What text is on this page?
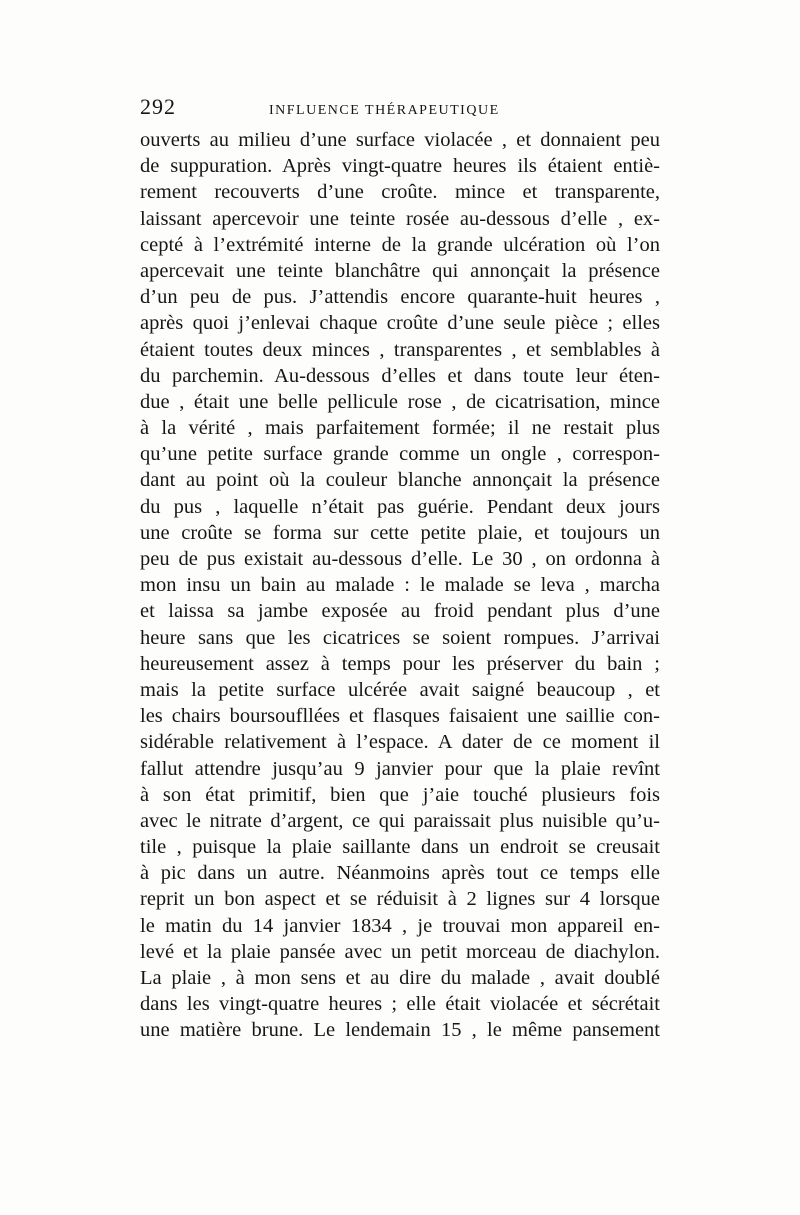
292	INFLUENCE THÉRAPEUTIQUE
ouverts au milieu d’une surface violacée , et donnaient peu
de suppuration. Après vingt-quatre heures ils étaient entiè-
rement recouverts d’une croûte. mince et transparente,
laissant apercevoir une teinte rosée au-dessous d’elle , ex-
cepté à l’extrémité interne de la grande ulcération où l’on
apercevait une teinte blanchâtre qui annonçait la présence
d’un peu de pus. J’attendis encore quarante-huit heures ,
après quoi j’enlevai chaque croûte d’une seule pièce ; elles
étaient toutes deux minces , transparentes , et semblables à
du parchemin. Au-dessous d’elles et dans toute leur éten-
due , était une belle pellicule rose , de cicatrisation, mince
à la vérité , mais parfaitement formée; il ne restait plus
qu’une petite surface grande comme un ongle , correspon-
dant au point où la couleur blanche annonçait la présence
du pus , laquelle n’était pas guérie. Pendant deux jours
une croûte se forma sur cette petite plaie, et toujours un
peu de pus existait au-dessous d’elle. Le 30 , on ordonna à
mon insu un bain au malade : le malade se leva , marcha
et laissa sa jambe exposée au froid pendant plus d’une
heure sans que les cicatrices se soient rompues. J’arrivai
heureusement assez à temps pour les préserver du bain ;
mais la petite surface ulcérée avait saigné beaucoup , et
les chairs boursoufllées et flasques faisaient une saillie con-
sidérable relativement à l’espace. A dater de ce moment il
fallut attendre jusqu’au 9 janvier pour que la plaie revînt
à son état primitif, bien que j’aie touché plusieurs fois
avec le nitrate d’argent, ce qui paraissait plus nuisible qu’u-
tile , puisque la plaie saillante dans un endroit se creusait
à pic dans un autre. Néanmoins après tout ce temps elle
reprit un bon aspect et se réduisit à 2 lignes sur 4 lorsque
le matin du 14 janvier 1834 , je trouvai mon appareil en-
levé et la plaie pansée avec un petit morceau de diachylon.
La plaie , à mon sens et au dire du malade , avait doublé
dans les vingt-quatre heures ; elle était violacée et sécrétait
une matière brune. Le lendemain 15 , le même pansement
